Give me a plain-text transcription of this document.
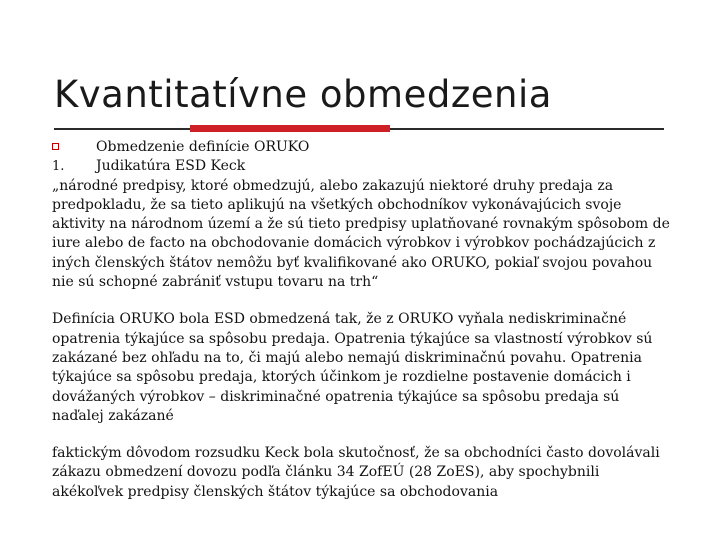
Kvantitatívne obmedzenia
Obmedzenie definície ORUKO
1. Judikatúra ESD Keck

„národné predpisy, ktoré obmedzujú, alebo zakazujú niektoré druhy predaja za predpokladu, že sa tieto aplikujú na všetkých obchodníkov vykonávajúcich svoje aktivity na národnom území a že sú tieto predpisy uplatňované rovnakým spôsobom de iure alebo de facto na obchodovanie domácich výrobkov i výrobkov pochádzajúcich z iných členských štátov nemôžu byť kvalifikované ako ORUKO, pokiaľ svojou povahou nie sú schopné zabrániť vstupu tovaru na trh“

Definícia ORUKO bola ESD obmedzená tak, že z ORUKO vyňala nediskriminačné opatrenia týkajúce sa spôsobu predaja. Opatrenia týkajúce sa vlastností výrobkov sú zakázané bez ohľadu na to, či majú alebo nemajú diskriminačnú povahu. Opatrenia týkajúce sa spôsobu predaja, ktorých účinkom je rozdielne postavenie domácich i dovážaných výrobkov – diskriminačné opatrenia týkajúce sa spôsobu predaja sú naďalej zakázané

faktickým dôvodom rozsudku Keck bola skutočnosť, že sa obchodníci často dovolávali zákazu obmedzení dovozu podľa článku 34 ZofEÚ (28 ZoES), aby spochybnili akékoľvek predpisy členských štátov týkajúce sa obchodovania
